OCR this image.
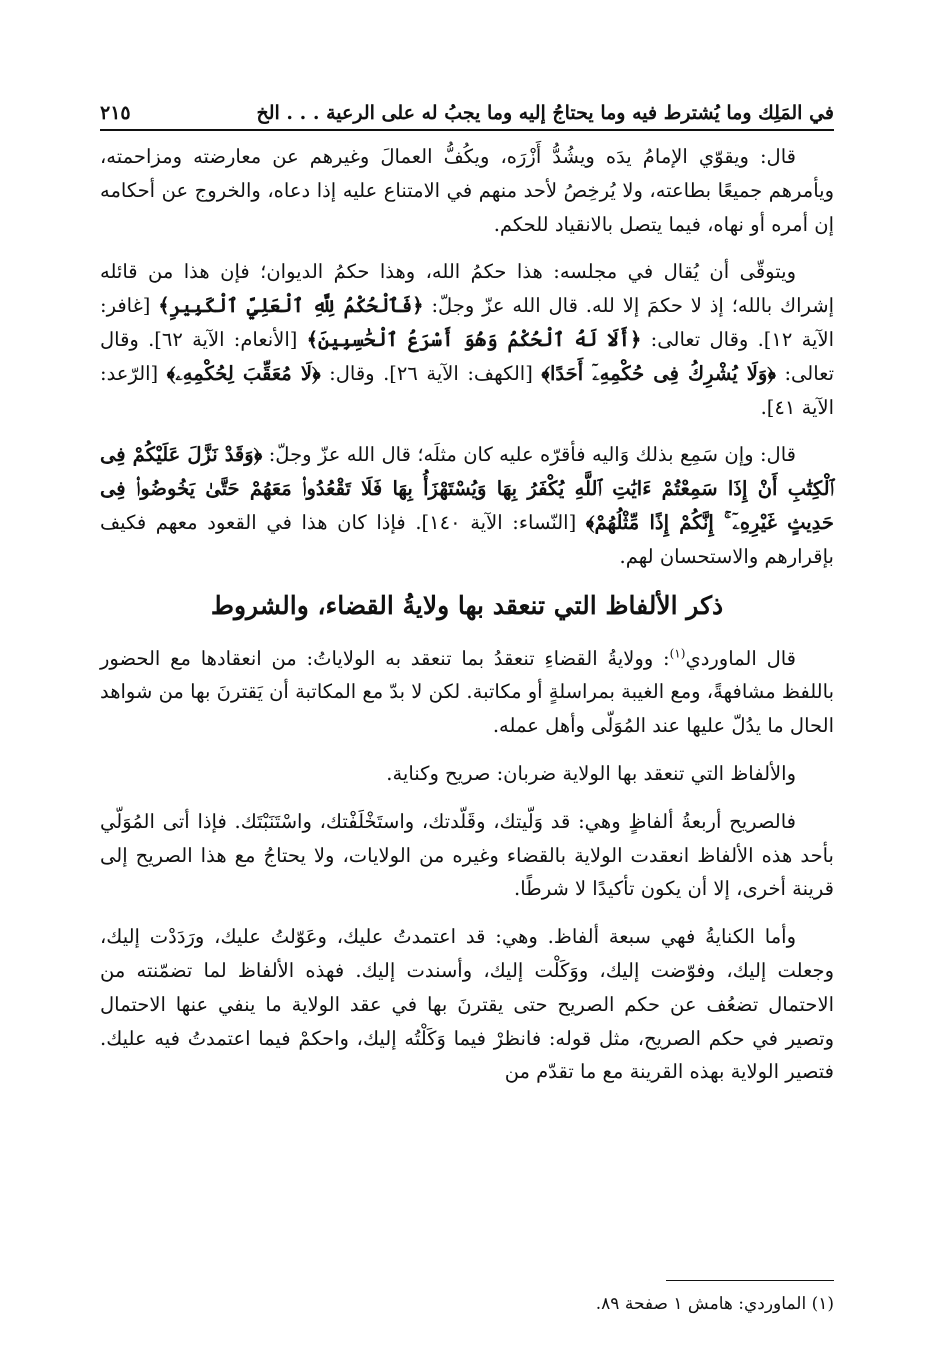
في المَلِك وما يُشترط فيه وما يحتاجُ إليه وما يجبُ له على الرعية . . . الخ
٢١٥

قال: ويقوّي الإمامُ يدَه ويشُدُّ أَزْرَه، ويكُفُّ العمالَ وغيرهم عن معارضته ومزاحمته، ويأمرهم جميعًا بطاعته، ولا يُرخِصُ لأحد منهم في الامتناع عليه إذا دعاه، والخروج عن أحكامه إن أمره أو نهاه، فيما يتصل بالانقياد للحكم.

ويتوقّى أن يُقال في مجلسه: هذا حكمُ الله، وهذا حكمُ الديوان؛ فإن هذا من قائله إشراك بالله؛ إذ لا حكمَ إلا لله. قال الله عزّ وجلّ: ﴿فَٱلْحُكْمُ لِلَّهِ ٱلْعَلِيِّ ٱلْكَبِيرِ﴾ [غافر: الآية ١٢]. وقال تعالى: ﴿أَلَا لَهُ ٱلْحُكْمُ وَهُوَ أَسْرَعُ ٱلْحَٰسِبِينَ﴾ [الأنعام: الآية ٦٢]. وقال تعالى: ﴿وَلَا يُشْرِكُ فِى حُكْمِهِۦٓ أَحَدًا﴾ [الكهف: الآية ٢٦]. وقال: ﴿لَا مُعَقِّبَ لِحُكْمِهِۦ﴾ [الرّعد: الآية ٤١].

قال: وإن سَمِع بذلك وَاليه فأقرّه عليه كان مثلَه؛ قال الله عزّ وجلّ: ﴿وَقَدْ نَزَّلَ عَلَيْكُمْ فِى ٱلْكِتَٰبِ أَنْ إِذَا سَمِعْتُمْ ءَايَٰتِ ٱللَّهِ يُكْفَرُ بِهَا وَيُسْتَهْزَأُ بِهَا فَلَا تَقْعُدُوا۟ مَعَهُمْ حَتَّىٰ يَخُوضُوا۟ فِى حَدِيثٍ غَيْرِهِۦٓ ۚ إِنَّكُمْ إِذًا مِّثْلُهُمْ﴾ [النّساء: الآية ١٤٠]. فإذا كان هذا في القعود معهم فكيف بإقرارهم والاستحسان لهم.

ذكر الألفاظ التي تنعقد بها ولايةُ القضاء، والشروط

قال الماوردي$^{(١)}$: وولايةُ القضاءِ تنعقدُ بما تنعقد به الولاياتُ: من انعقادها مع الحضور باللفظ مشافهةً، ومع الغيبة بمراسلةٍ أو مكاتبة. لكن لا بدّ مع المكاتبة أن يَقترنَ بها من شواهد الحال ما يدُلّ عليها عند المُوَلّى وأهل عمله.

والألفاظ التي تنعقد بها الولاية ضربان: صريح وكناية.

فالصريح أربعةُ ألفاظٍ وهي: قد وَلّيتك، وقَلّدتك، واستَخْلَفْتك، واسْتَنَبْتَك. فإذا أتى المُوَلّي بأحد هذه الألفاظ انعقدت الولاية بالقضاء وغيره من الولايات، ولا يحتاجُ مع هذا الصريح إلى قرينة أخرى، إلا أن يكون تأكيدًا لا شرطًا.

وأما الكنايةُ فهي سبعة ألفاظ. وهي: قد اعتمدتُ عليك، وعَوّلتُ عليك، ورَدَدْت إليك، وجعلت إليك، وفوّضت إليك، ووَكَلْت إليك، وأسندت إليك. فهذه الألفاظ لما تضمّنته من الاحتمال تضعُف عن حكم الصريح حتى يقترنَ بها في عقد الولاية ما ينفي عنها الاحتمال وتصير في حكم الصريح، مثل قوله: فانظرْ فيما وَكَلْتُه إليك، واحكمْ فيما اعتمدتُ فيه عليك. فتصير الولاية بهذه القرينة مع ما تقدّم من

(١) الماوردي: هامش ١ صفحة ٨٩.
